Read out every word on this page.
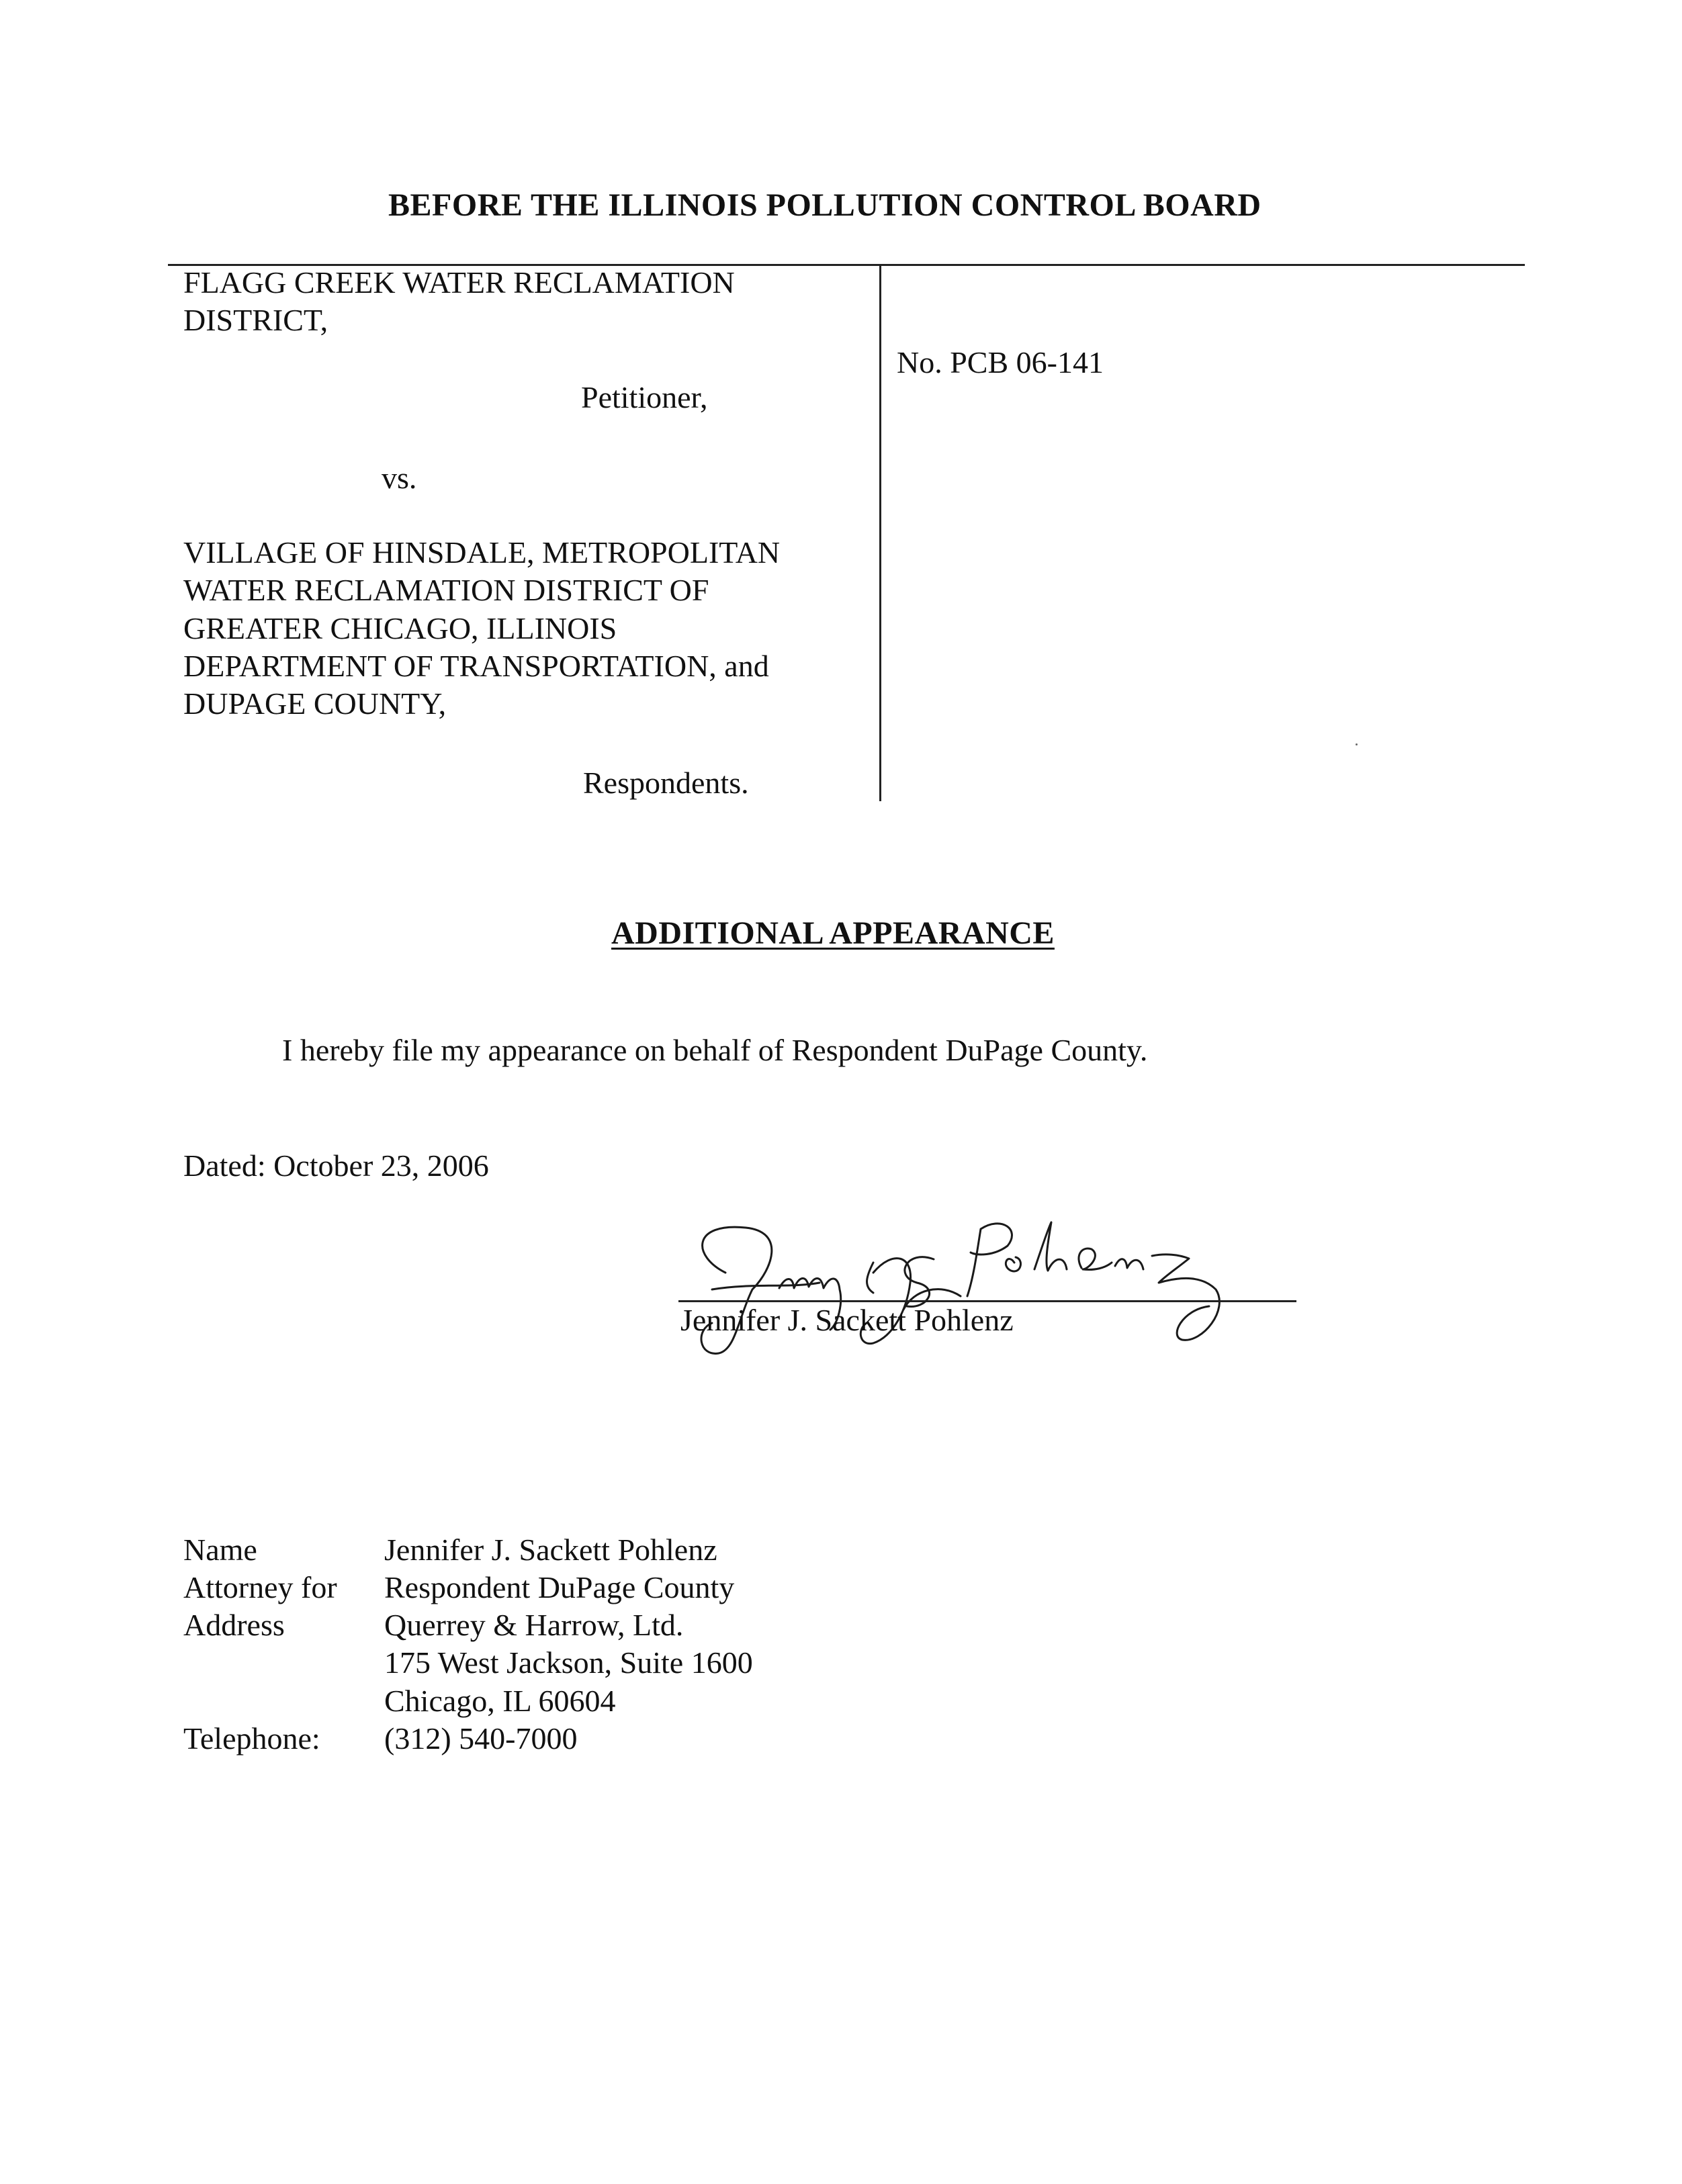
BEFORE THE ILLINOIS POLLUTION CONTROL BOARD
FLAGG CREEK WATER RECLAMATION
DISTRICT,
Petitioner,
No. PCB 06-141
vs.
VILLAGE OF HINSDALE, METROPOLITAN
WATER RECLAMATION DISTRICT OF
GREATER CHICAGO, ILLINOIS
DEPARTMENT OF TRANSPORTATION, and
DUPAGE COUNTY,
Respondents.
ADDITIONAL APPEARANCE
I hereby file my appearance on behalf of Respondent DuPage County.
Dated: October 23, 2006
Jennifer J. Sackett Pohlenz
Name	Jennifer J. Sackett Pohlenz
Attorney for Respondent DuPage County
Address	Querrey & Harrow, Ltd.
175 West Jackson, Suite 1600
Chicago, IL 60604
Telephone: (312) 540-7000
